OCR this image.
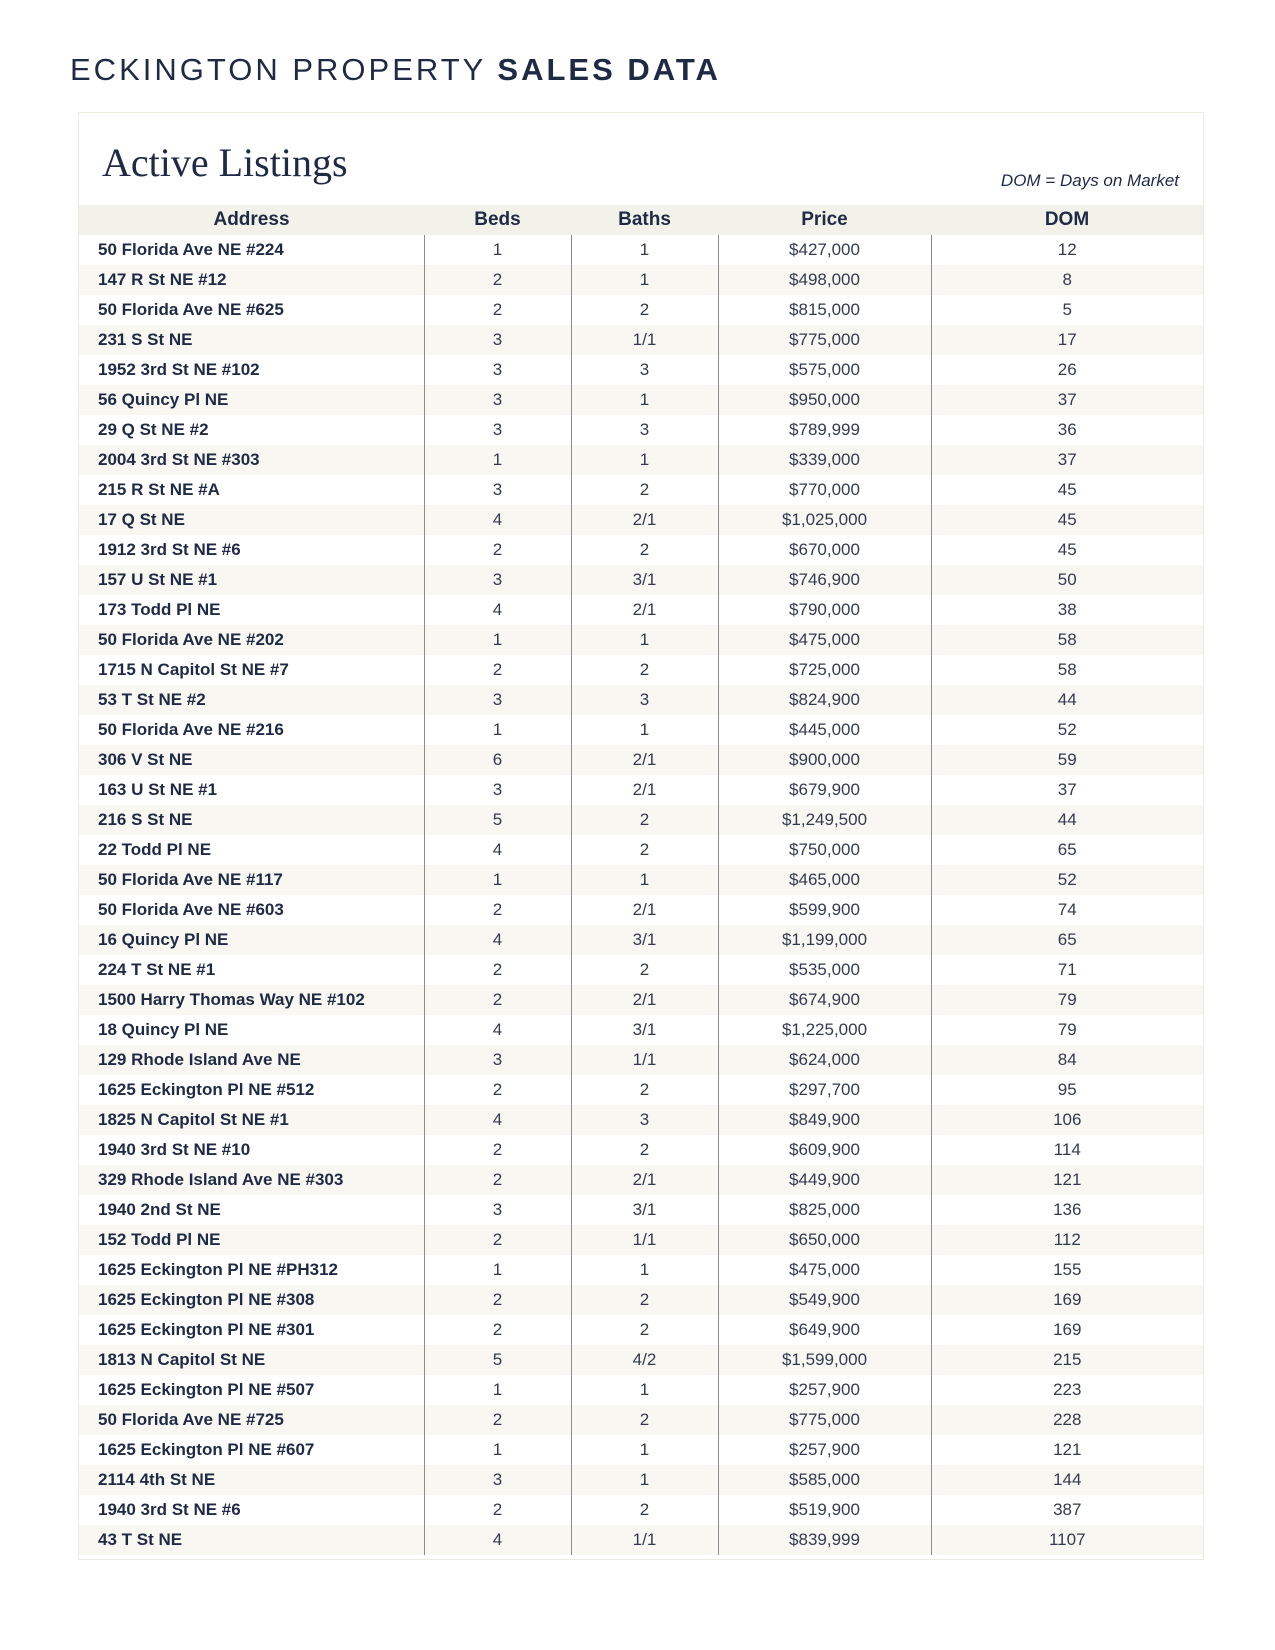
ECKINGTON PROPERTY SALES DATA
Active Listings	DOM = Days on Market
Address	Beds	Baths	Price	DOM
50 Florida Ave NE #224	1	1	$427,000	12
147 R St NE #12	2	1	$498,000	8
50 Florida Ave NE #625	2	2	$815,000	5
231 S St NE	3	1/1	$775,000	17
1952 3rd St NE #102	3	3	$575,000	26
56 Quincy Pl NE	3	1	$950,000	37
29 Q St NE #2	3	3	$789,999	36
2004 3rd St NE #303	1	1	$339,000	37
215 R St NE #A	3	2	$770,000	45
17 Q St NE	4	2/1	$1,025,000	45
1912 3rd St NE #6	2	2	$670,000	45
157 U St NE #1	3	3/1	$746,900	50
173 Todd Pl NE	4	2/1	$790,000	38
50 Florida Ave NE #202	1	1	$475,000	58
1715 N Capitol St NE #7	2	2	$725,000	58
53 T St NE #2	3	3	$824,900	44
50 Florida Ave NE #216	1	1	$445,000	52
306 V St NE	6	2/1	$900,000	59
163 U St NE #1	3	2/1	$679,900	37
216 S St NE	5	2	$1,249,500	44
22 Todd Pl NE	4	2	$750,000	65
50 Florida Ave NE #117	1	1	$465,000	52
50 Florida Ave NE #603	2	2/1	$599,900	74
16 Quincy Pl NE	4	3/1	$1,199,000	65
224 T St NE #1	2	2	$535,000	71
1500 Harry Thomas Way NE #102	2	2/1	$674,900	79
18 Quincy Pl NE	4	3/1	$1,225,000	79
129 Rhode Island Ave NE	3	1/1	$624,000	84
1625 Eckington Pl NE #512	2	2	$297,700	95
1825 N Capitol St NE #1	4	3	$849,900	106
1940 3rd St NE #10	2	2	$609,900	114
329 Rhode Island Ave NE #303	2	2/1	$449,900	121
1940 2nd St NE	3	3/1	$825,000	136
152 Todd Pl NE	2	1/1	$650,000	112
1625 Eckington Pl NE #PH312	1	1	$475,000	155
1625 Eckington Pl NE #308	2	2	$549,900	169
1625 Eckington Pl NE #301	2	2	$649,900	169
1813 N Capitol St NE	5	4/2	$1,599,000	215
1625 Eckington Pl NE #507	1	1	$257,900	223
50 Florida Ave NE #725	2	2	$775,000	228
1625 Eckington Pl NE #607	1	1	$257,900	121
2114 4th St NE	3	1	$585,000	144
1940 3rd St NE #6	2	2	$519,900	387
43 T St NE	4	1/1	$839,999	1107
